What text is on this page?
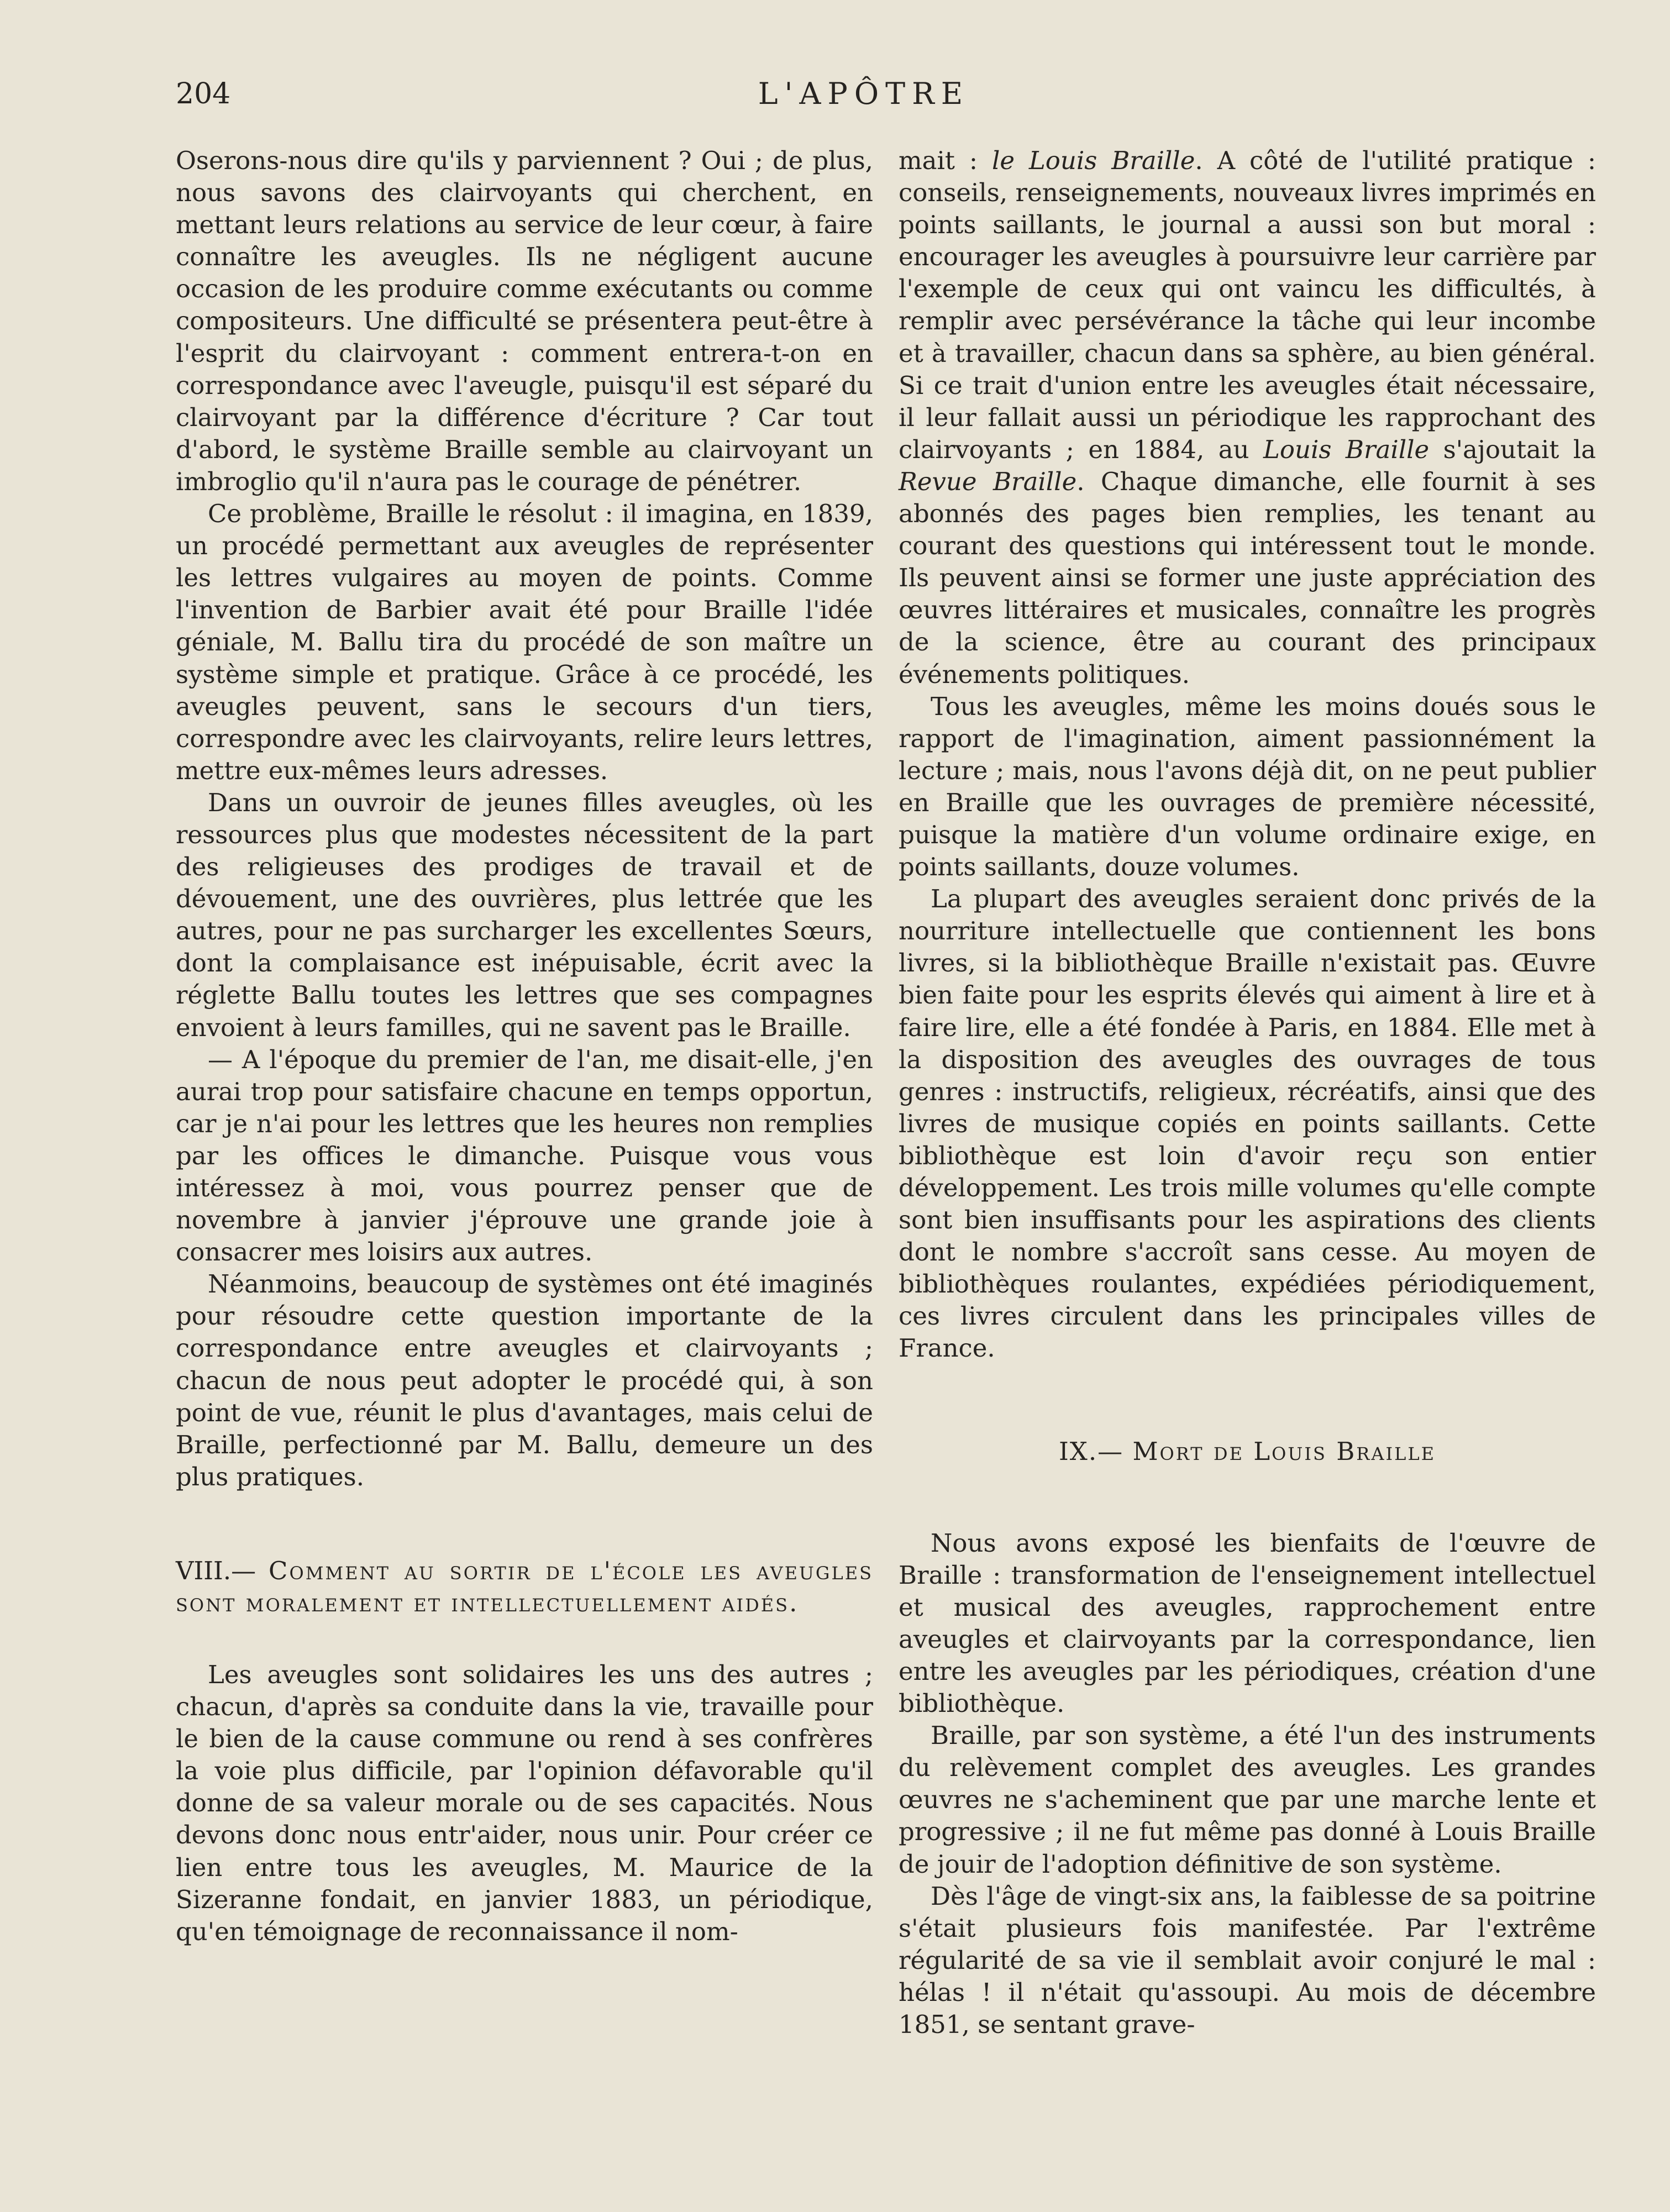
204	L'APÔTRE

Oserons-nous dire qu'ils y parviennent ? Oui ; de plus, nous savons des clairvoyants qui cherchent, en mettant leurs relations au service de leur cœur, à faire connaître les aveugles. Ils ne négligent aucune occasion de les produire comme exécutants ou comme compositeurs. Une difficulté se présentera peut-être à l'esprit du clairvoyant : comment entrera-t-on en correspondance avec l'aveugle, puisqu'il est séparé du clairvoyant par la différence d'écriture ? Car tout d'abord, le système Braille semble au clairvoyant un imbroglio qu'il n'aura pas le courage de pénétrer.

Ce problème, Braille le résolut : il imagina, en 1839, un procédé permettant aux aveugles de représenter les lettres vulgaires au moyen de points. Comme l'invention de Barbier avait été pour Braille l'idée géniale, M. Ballu tira du procédé de son maître un système simple et pratique. Grâce à ce procédé, les aveugles peuvent, sans le secours d'un tiers, correspondre avec les clairvoyants, relire leurs lettres, mettre eux-mêmes leurs adresses.

Dans un ouvroir de jeunes filles aveugles, où les ressources plus que modestes nécessitent de la part des religieuses des prodiges de travail et de dévouement, une des ouvrières, plus lettrée que les autres, pour ne pas surcharger les excellentes Sœurs, dont la complaisance est inépuisable, écrit avec la réglette Ballu toutes les lettres que ses compagnes envoient à leurs familles, qui ne savent pas le Braille.

— A l'époque du premier de l'an, me disait-elle, j'en aurai trop pour satisfaire chacune en temps opportun, car je n'ai pour les lettres que les heures non remplies par les offices le dimanche. Puisque vous vous intéressez à moi, vous pourrez penser que de novembre à janvier j'éprouve une grande joie à consacrer mes loisirs aux autres.

Néanmoins, beaucoup de systèmes ont été imaginés pour résoudre cette question importante de la correspondance entre aveugles et clairvoyants ; chacun de nous peut adopter le procédé qui, à son point de vue, réunit le plus d'avantages, mais celui de Braille, perfectionné par M. Ballu, demeure un des plus pratiques.

VIII.— Comment au sortir de l'école les aveugles sont moralement et intellectuellement aidés.

Les aveugles sont solidaires les uns des autres ; chacun, d'après sa conduite dans la vie, travaille pour le bien de la cause commune ou rend à ses confrères la voie plus difficile, par l'opinion défavorable qu'il donne de sa valeur morale ou de ses capacités. Nous devons donc nous entr'aider, nous unir. Pour créer ce lien entre tous les aveugles, M. Maurice de la Sizeranne fondait, en janvier 1883, un périodique, qu'en témoignage de reconnaissance il nom-

mait : le Louis Braille. A côté de l'utilité pratique : conseils, renseignements, nouveaux livres imprimés en points saillants, le journal a aussi son but moral : encourager les aveugles à poursuivre leur carrière par l'exemple de ceux qui ont vaincu les difficultés, à remplir avec persévérance la tâche qui leur incombe et à travailler, chacun dans sa sphère, au bien général. Si ce trait d'union entre les aveugles était nécessaire, il leur fallait aussi un périodique les rapprochant des clairvoyants ; en 1884, au Louis Braille s'ajoutait la Revue Braille. Chaque dimanche, elle fournit à ses abonnés des pages bien remplies, les tenant au courant des questions qui intéressent tout le monde. Ils peuvent ainsi se former une juste appréciation des œuvres littéraires et musicales, connaître les progrès de la science, être au courant des principaux événements politiques.

Tous les aveugles, même les moins doués sous le rapport de l'imagination, aiment passionnément la lecture ; mais, nous l'avons déjà dit, on ne peut publier en Braille que les ouvrages de première nécessité, puisque la matière d'un volume ordinaire exige, en points saillants, douze volumes.

La plupart des aveugles seraient donc privés de la nourriture intellectuelle que contiennent les bons livres, si la bibliothèque Braille n'existait pas. Œuvre bien faite pour les esprits élevés qui aiment à lire et à faire lire, elle a été fondée à Paris, en 1884. Elle met à la disposition des aveugles des ouvrages de tous genres : instructifs, religieux, récréatifs, ainsi que des livres de musique copiés en points saillants. Cette bibliothèque est loin d'avoir reçu son entier développement. Les trois mille volumes qu'elle compte sont bien insuffisants pour les aspirations des clients dont le nombre s'accroît sans cesse. Au moyen de bibliothèques roulantes, expédiées périodiquement, ces livres circulent dans les principales villes de France.

IX.— Mort de Louis Braille

Nous avons exposé les bienfaits de l'œuvre de Braille : transformation de l'enseignement intellectuel et musical des aveugles, rapprochement entre aveugles et clairvoyants par la correspondance, lien entre les aveugles par les périodiques, création d'une bibliothèque.

Braille, par son système, a été l'un des instruments du relèvement complet des aveugles. Les grandes œuvres ne s'acheminent que par une marche lente et progressive ; il ne fut même pas donné à Louis Braille de jouir de l'adoption définitive de son système.

Dès l'âge de vingt-six ans, la faiblesse de sa poitrine s'était plusieurs fois manifestée. Par l'extrême régularité de sa vie il semblait avoir conjuré le mal : hélas ! il n'était qu'assoupi. Au mois de décembre 1851, se sentant grave-
